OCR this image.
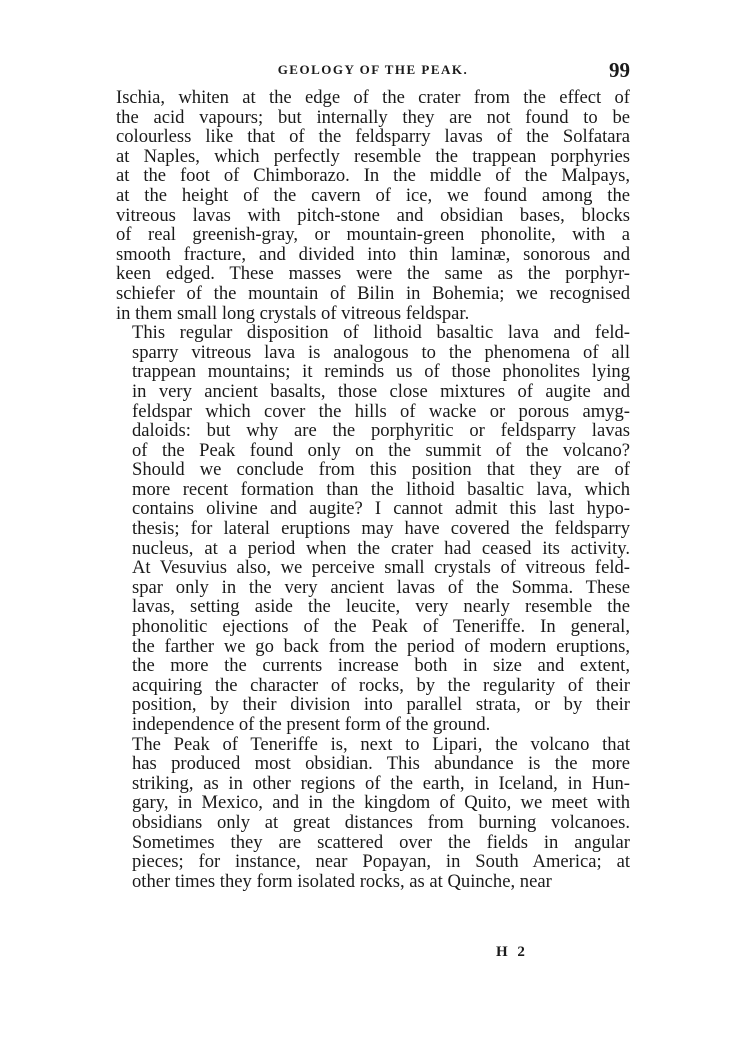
GEOLOGY OF THE PEAK.	99
Ischia, whiten at the edge of the crater from the effect of
the acid vapours; but internally they are not found to be
colourless like that of the feldsparry lavas of the Solfatara
at Naples, which perfectly resemble the trappean porphyries
at the foot of Chimborazo. In the middle of the Malpays,
at the height of the cavern of ice, we found among the
vitreous lavas with pitch-stone and obsidian bases, blocks
of real greenish-gray, or mountain-green phonolite, with a
smooth fracture, and divided into thin laminæ, sonorous and
keen edged. These masses were the same as the porphyr-
schiefer of the mountain of Bilin in Bohemia; we recognised
in them small long crystals of vitreous feldspar.
This regular disposition of lithoid basaltic lava and feld-
sparry vitreous lava is analogous to the phenomena of all
trappean mountains; it reminds us of those phonolites lying
in very ancient basalts, those close mixtures of augite and
feldspar which cover the hills of wacke or porous amyg-
daloids: but why are the porphyritic or feldsparry lavas
of the Peak found only on the summit of the volcano?
Should we conclude from this position that they are of
more recent formation than the lithoid basaltic lava, which
contains olivine and augite? I cannot admit this last hypo-
thesis; for lateral eruptions may have covered the feldsparry
nucleus, at a period when the crater had ceased its activity.
At Vesuvius also, we perceive small crystals of vitreous feld-
spar only in the very ancient lavas of the Somma. These
lavas, setting aside the leucite, very nearly resemble the
phonolitic ejections of the Peak of Teneriffe. In general,
the farther we go back from the period of modern eruptions,
the more the currents increase both in size and extent,
acquiring the character of rocks, by the regularity of their
position, by their division into parallel strata, or by their
independence of the present form of the ground.
The Peak of Teneriffe is, next to Lipari, the volcano that
has produced most obsidian. This abundance is the more
striking, as in other regions of the earth, in Iceland, in Hun-
gary, in Mexico, and in the kingdom of Quito, we meet with
obsidians only at great distances from burning volcanoes.
Sometimes they are scattered over the fields in angular
pieces; for instance, near Popayan, in South America; at
other times they form isolated rocks, as at Quinche, near
H 2
